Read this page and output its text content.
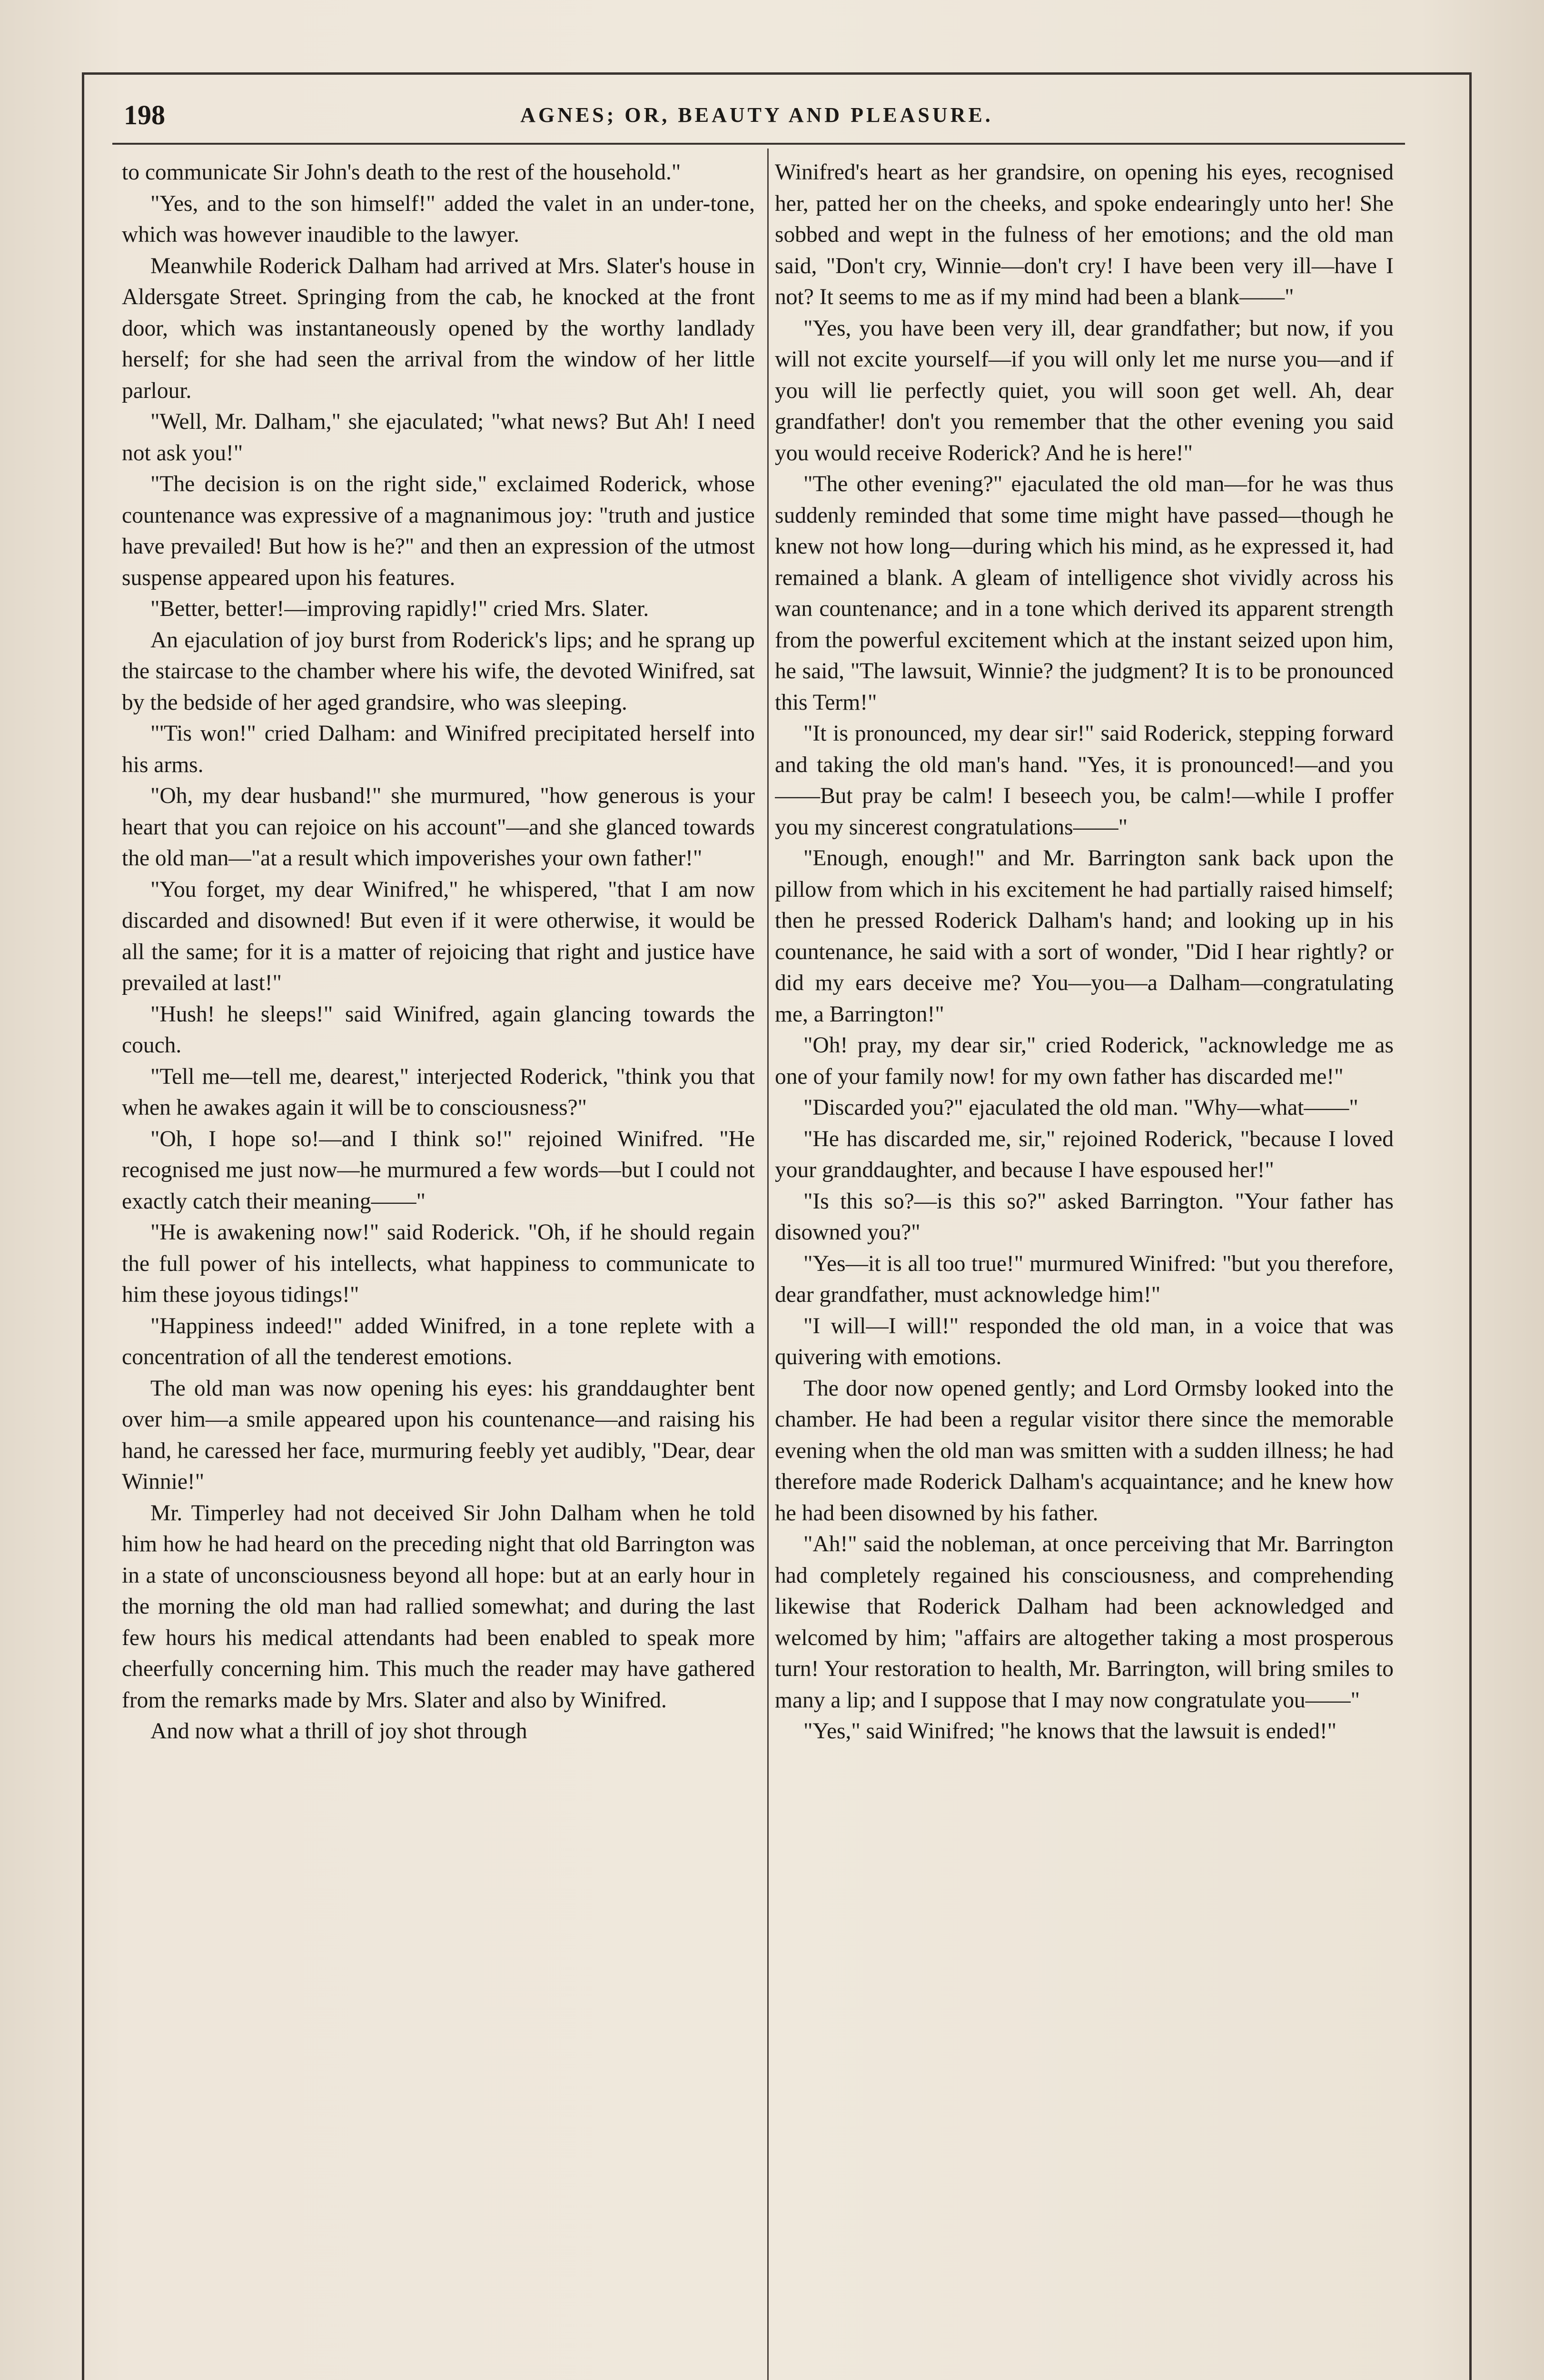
198	AGNES; OR, BEAUTY AND PLEASURE.

to communicate Sir John's death to the rest of the household."

"Yes, and to the son himself!" added the valet in an under-tone, which was however inaudible to the lawyer.

Meanwhile Roderick Dalham had arrived at Mrs. Slater's house in Aldersgate Street. Springing from the cab, he knocked at the front door, which was instantaneously opened by the worthy landlady herself; for she had seen the arrival from the window of her little parlour.

"Well, Mr. Dalham," she ejaculated; "what news? But Ah! I need not ask you!"

"The decision is on the right side," exclaimed Roderick, whose countenance was expressive of a magnanimous joy: "truth and justice have prevailed! But how is he?" and then an expression of the utmost suspense appeared upon his features.

"Better, better!—improving rapidly!" cried Mrs. Slater.

An ejaculation of joy burst from Roderick's lips; and he sprang up the staircase to the chamber where his wife, the devoted Winifred, sat by the bedside of her aged grandsire, who was sleeping.

"'Tis won!" cried Dalham: and Winifred precipitated herself into his arms.

"Oh, my dear husband!" she murmured, "how generous is your heart that you can rejoice on his account"—and she glanced towards the old man—"at a result which impoverishes your own father!"

"You forget, my dear Winifred," he whispered, "that I am now discarded and disowned! But even if it were otherwise, it would be all the same; for it is a matter of rejoicing that right and justice have prevailed at last!"

"Hush! he sleeps!" said Winifred, again glancing towards the couch.

"Tell me—tell me, dearest," interjected Roderick, "think you that when he awakes again it will be to consciousness?"

"Oh, I hope so!—and I think so!" rejoined Winifred. "He recognised me just now—he murmured a few words—but I could not exactly catch their meaning——"

"He is awakening now!" said Roderick. "Oh, if he should regain the full power of his intellects, what happiness to communicate to him these joyous tidings!"

"Happiness indeed!" added Winifred, in a tone replete with a concentration of all the tenderest emotions.

The old man was now opening his eyes: his granddaughter bent over him—a smile appeared upon his countenance—and raising his hand, he caressed her face, murmuring feebly yet audibly, "Dear, dear Winnie!"

Mr. Timperley had not deceived Sir John Dalham when he told him how he had heard on the preceding night that old Barrington was in a state of unconsciousness beyond all hope: but at an early hour in the morning the old man had rallied somewhat; and during the last few hours his medical attendants had been enabled to speak more cheerfully concerning him. This much the reader may have gathered from the remarks made by Mrs. Slater and also by Winifred.

And now what a thrill of joy shot through

Winifred's heart as her grandsire, on opening his eyes, recognised her, patted her on the cheeks, and spoke endearingly unto her! She sobbed and wept in the fulness of her emotions; and the old man said, "Don't cry, Winnie—don't cry! I have been very ill—have I not? It seems to me as if my mind had been a blank——"

"Yes, you have been very ill, dear grandfather; but now, if you will not excite yourself—if you will only let me nurse you—and if you will lie perfectly quiet, you will soon get well. Ah, dear grandfather! don't you remember that the other evening you said you would receive Roderick? And he is here!"

"The other evening?" ejaculated the old man—for he was thus suddenly reminded that some time might have passed—though he knew not how long—during which his mind, as he expressed it, had remained a blank. A gleam of intelligence shot vividly across his wan countenance; and in a tone which derived its apparent strength from the powerful excitement which at the instant seized upon him, he said, "The lawsuit, Winnie? the judgment? It is to be pronounced this Term!"

"It is pronounced, my dear sir!" said Roderick, stepping forward and taking the old man's hand. "Yes, it is pronounced!—and you——But pray be calm! I beseech you, be calm!—while I proffer you my sincerest congratulations——"

"Enough, enough!" and Mr. Barrington sank back upon the pillow from which in his excitement he had partially raised himself; then he pressed Roderick Dalham's hand; and looking up in his countenance, he said with a sort of wonder, "Did I hear rightly? or did my ears deceive me? You—you—a Dalham—congratulating me, a Barrington!"

"Oh! pray, my dear sir," cried Roderick, "acknowledge me as one of your family now! for my own father has discarded me!"

"Discarded you?" ejaculated the old man. "Why—what——"

"He has discarded me, sir," rejoined Roderick, "because I loved your granddaughter, and because I have espoused her!"

"Is this so?—is this so?" asked Barrington. "Your father has disowned you?"

"Yes—it is all too true!" murmured Winifred: "but you therefore, dear grandfather, must acknowledge him!"

"I will—I will!" responded the old man, in a voice that was quivering with emotions.

The door now opened gently; and Lord Ormsby looked into the chamber. He had been a regular visitor there since the memorable evening when the old man was smitten with a sudden illness; he had therefore made Roderick Dalham's acquaintance; and he knew how he had been disowned by his father.

"Ah!" said the nobleman, at once perceiving that Mr. Barrington had completely regained his consciousness, and comprehending likewise that Roderick Dalham had been acknowledged and welcomed by him; "affairs are altogether taking a most prosperous turn! Your restoration to health, Mr. Barrington, will bring smiles to many a lip; and I suppose that I may now congratulate you——"

"Yes," said Winifred; "he knows that the lawsuit is ended!"
